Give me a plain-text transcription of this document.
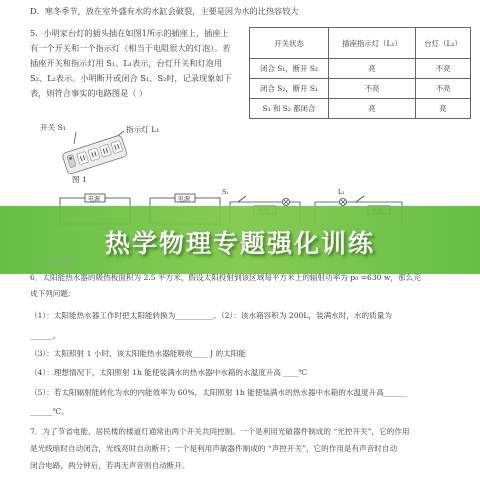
D．寒冬季节，放在室外盛有水的水缸会破裂，主要是因为水的比热容较大
5．小明家台灯的插头插在如图1所示的插座上，插座上
有一个开关和一个指示灯（相当于电阻很大的灯泡）。若
插座开关和指示灯用 S₁、L₁表示，台灯开关和灯泡用
S₂、L₂表示。小明断开或闭合 S₁、S₂时，记录现象如下
表，则符合事实的电路图是（ ）
开关状态	插座指示灯（L₁）	台灯（L₂）
闭合 S₁，断开 S₂	亮	不亮
闭合 S₂，断开 S₁	不亮	不亮
S₁ 和 S₂ 都闭合	亮	亮
开关 S₁	指示灯 L₁
图 1
电源	电源
S₂	L₁
二、综合题
热学物理专题强化训练
6．太阳能热水器的吸热板面积为 2.5 平方米，假设太阳投射到该区域每平方米上的辐射功率为 p₀ =630 w，那么完
成下列问题：
（1）：太阳能热水器工作时把太阳能转换为__________。（2）：该水箱容积为 200L，装满水时，水的质量为
______。
（3）：太阳照射 1 小时，该太阳能热水器能吸收____ J 的太阳能
（4）：理想情况下，太阳照射 1h 能使装满水的热水器中水箱的水温度升高 ____℃
（5）：若太阳辐射能转化为水的内能效率为 60%，太阳照射 1h 能使装满水的热水器中水箱的水温度升高______
______℃。
7．为了节省电能，居民楼的楼道灯通常由两个开关共同控制。一个是利用光敏器件制成的 “光控开关”，它的作用
是光线暗时自动闭合，光线亮时自动断开；一个是利用声敏器件制成的 “声控开关”，它的作用是有声音时自动
闭合电路，两分钟后，若再无声音则自动断开。
